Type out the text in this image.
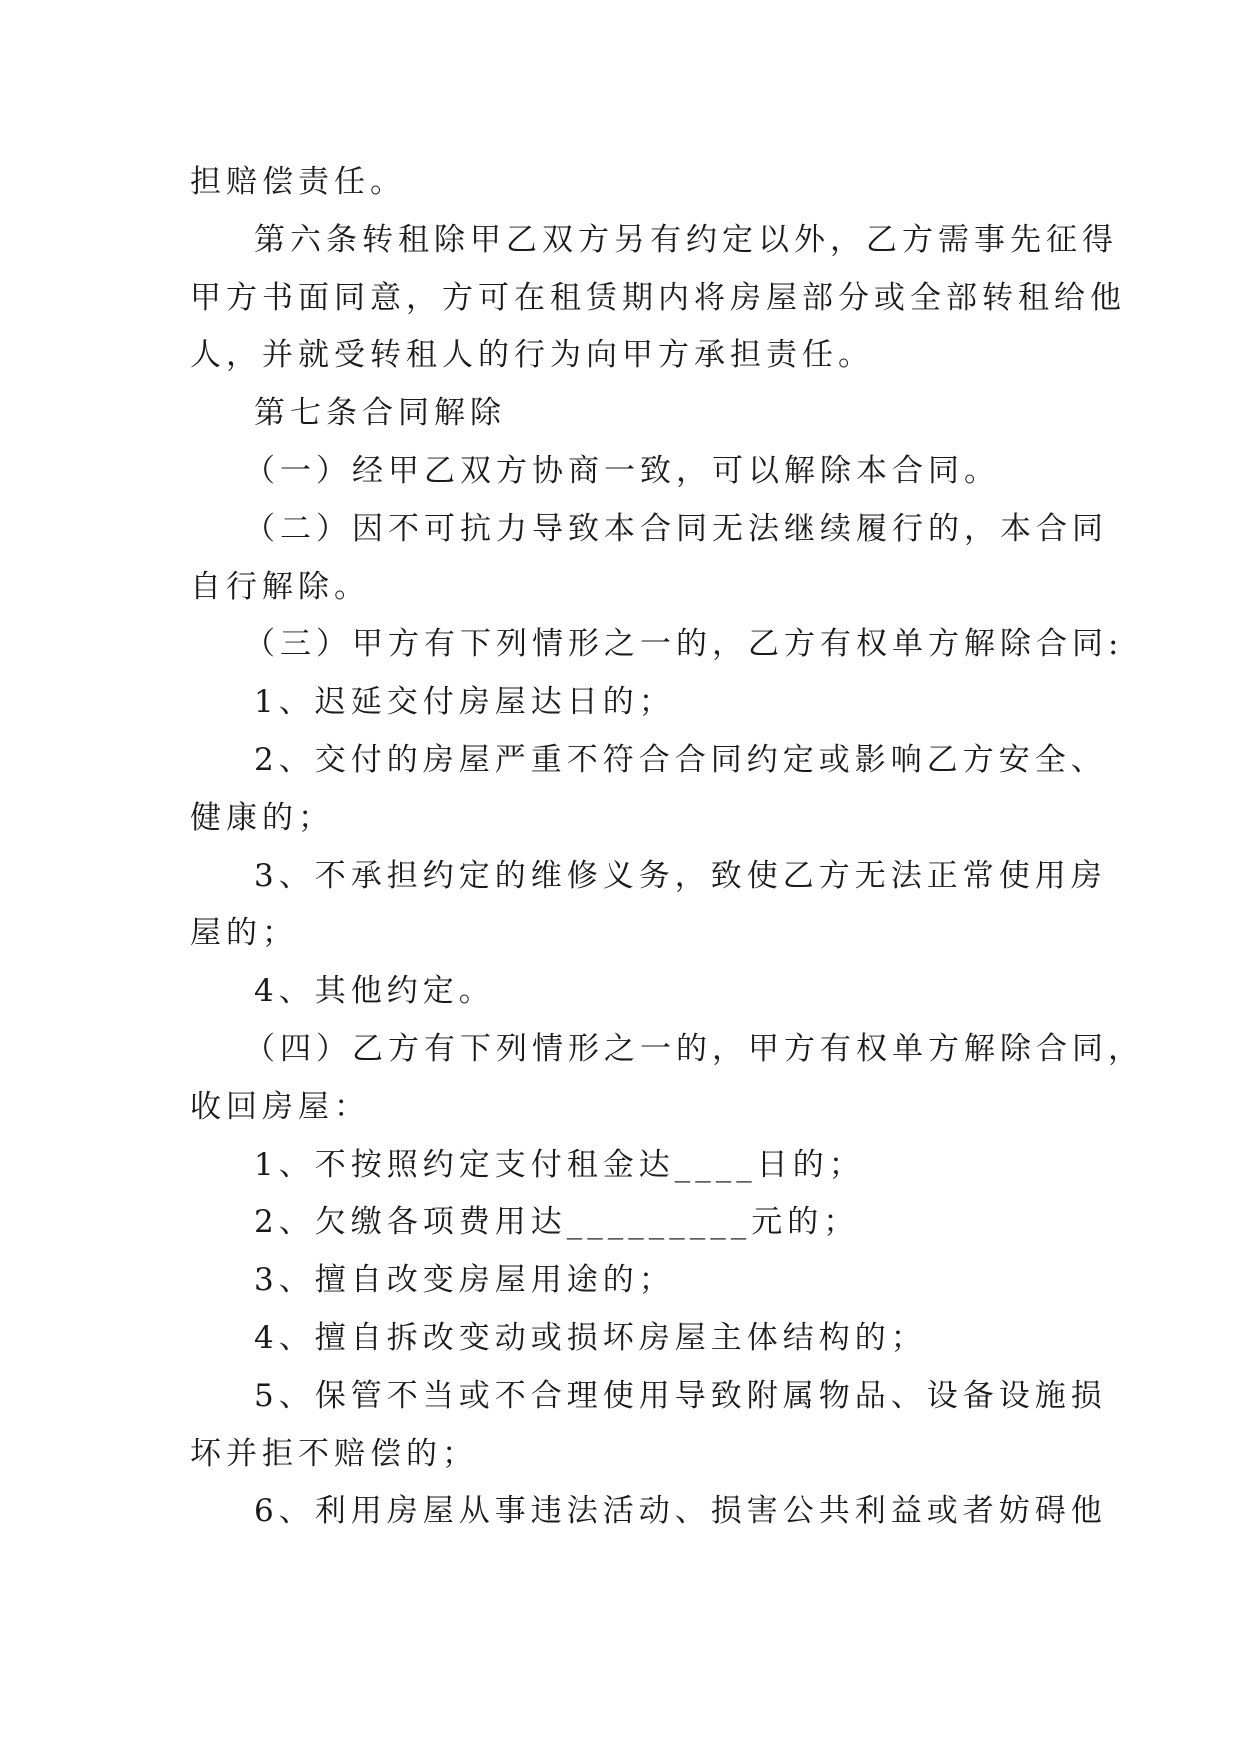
担赔偿责任。
第六条转租除甲乙双方另有约定以外，乙方需事先征得
甲方书面同意，方可在租赁期内将房屋部分或全部转租给他
人，并就受转租人的行为向甲方承担责任。
第七条合同解除
（一）经甲乙双方协商一致，可以解除本合同。
（二）因不可抗力导致本合同无法继续履行的，本合同
自行解除。
（三）甲方有下列情形之一的，乙方有权单方解除合同:
1、迟延交付房屋达日的；
2、交付的房屋严重不符合合同约定或影响乙方安全、
健康的；
3、不承担约定的维修义务，致使乙方无法正常使用房
屋的；
4、其他约定。
（四）乙方有下列情形之一的，甲方有权单方解除合同，
收回房屋：
1、不按照约定支付租金达____日的；
2、欠缴各项费用达_________元的；
3、擅自改变房屋用途的；
4、擅自拆改变动或损坏房屋主体结构的；
5、保管不当或不合理使用导致附属物品、设备设施损
坏并拒不赔偿的；
6、利用房屋从事违法活动、损害公共利益或者妨碍他
